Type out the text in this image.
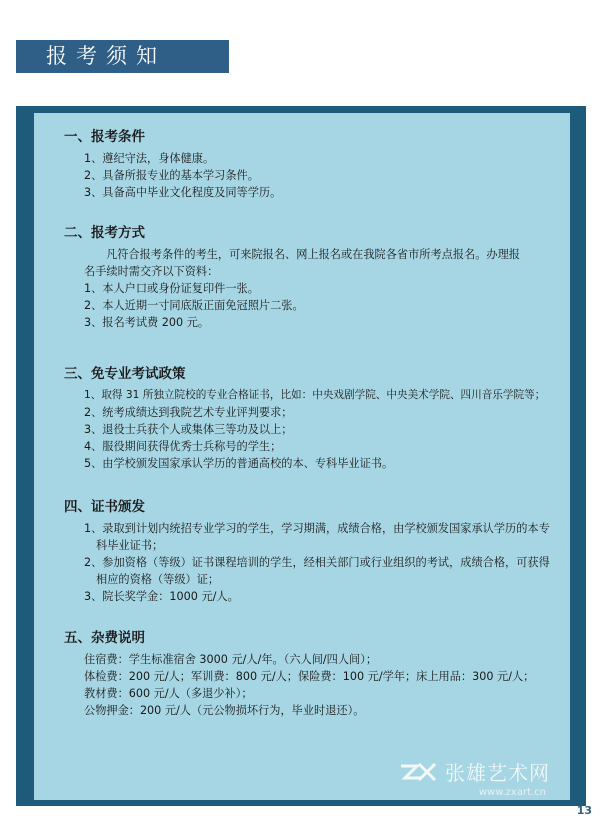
报考须知
张雄艺术网
www.zxart.cn
一、报考条件
1、遵纪守法，身体健康。
2、具备所报专业的基本学习条件。
3、具备高中毕业文化程度及同等学历。
二、报考方式
凡符合报考条件的考生，可来院报名、网上报名或在我院各省市所考点报名。办理报
名手续时需交齐以下资料：
1、本人户口或身份证复印件一张。
2、本人近期一寸同底版正面免冠照片二张。
3、报名考试费 200 元。
三、免专业考试政策
1、取得 31 所独立院校的专业合格证书，比如：中央戏剧学院、中央美术学院、四川音乐学院等；
2、统考成绩达到我院艺术专业评判要求；
3、退役士兵获个人或集体三等功及以上；
4、服役期间获得优秀士兵称号的学生；
5、由学校颁发国家承认学历的普通高校的本、专科毕业证书。
四、证书颁发
1、录取到计划内统招专业学习的学生，学习期满，成绩合格，由学校颁发国家承认学历的本专科毕业证书；
2、参加资格（等级）证书课程培训的学生，经相关部门或行业组织的考试，成绩合格，可获得相应的资格（等级）证；
3、院长奖学金：1000 元/人。
五、杂费说明
住宿费：学生标准宿舍 3000 元/人/年。（六人间/四人间）；
体检费：200 元/人；军训费：800 元/人；保险费：100 元/学年；床上用品：300 元/人；
教材费：600 元/人（多退少补）；
公物押金：200 元/人（元公物损坏行为，毕业时退还）。
13
